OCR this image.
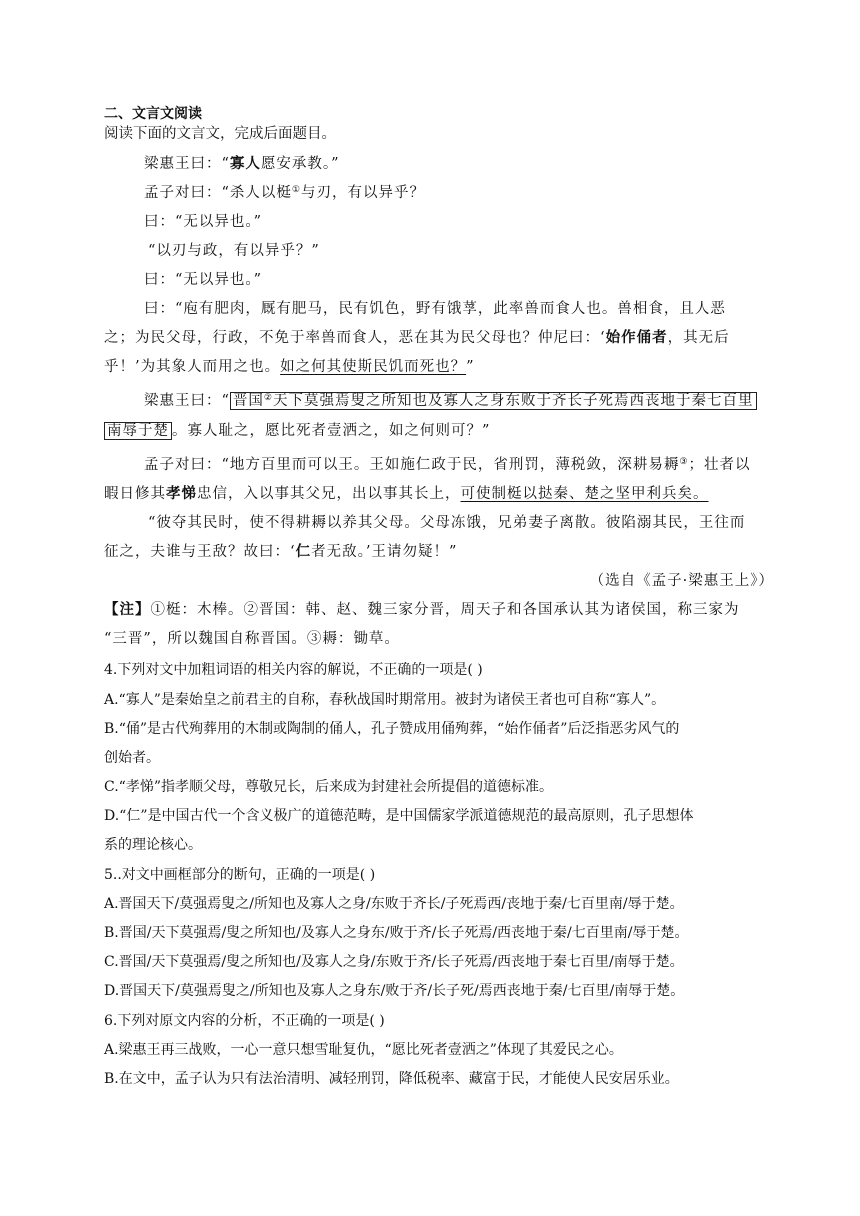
二、文言文阅读
阅读下面的文言文，完成后面题目。
梁惠王曰：“寡人愿安承教。”
孟子对曰：“杀人以梃①与刃，有以异乎？
曰：“无以异也。”
“以刃与政，有以异乎？”
曰：“无以异也。”
曰：“庖有肥肉，厩有肥马，民有饥色，野有饿莩，此率兽而食人也。兽相食，且人恶
之；为民父母，行政，不免于率兽而食人，恶在其为民父母也？仲尼曰：‘始作俑者，其无后
乎！’为其象人而用之也。如之何其使斯民饥而死也？”
梁惠王曰：“ 晋国②天下莫强焉叟之所知也及寡人之身东败于齐长子死焉西丧地于秦七百里
南辱于楚 。寡人耻之，愿比死者壹洒之，如之何则可？”
孟子对曰：“地方百里而可以王。王如施仁政于民，省刑罚，薄税敛，深耕易耨③；壮者以
暇日修其孝悌忠信，入以事其父兄，出以事其长上，可使制梃以挞秦、楚之坚甲利兵矣。
“彼夺其民时，使不得耕耨以养其父母。父母冻饿，兄弟妻子离散。彼陷溺其民，王往而
征之，夫谁与王敌？故曰：‘仁者无敌。’王请勿疑！”
（选自《孟子·梁惠王上》）
【注】①梃：木棒。②晋国：韩、赵、魏三家分晋，周天子和各国承认其为诸侯国，称三家为
“三晋”，所以魏国自称晋国。③耨：锄草。
4.下列对文中加粗词语的相关内容的解说，不正确的一项是( )
A.“寡人”是秦始皇之前君主的自称，春秋战国时期常用。被封为诸侯王者也可自称“寡人”。
B.“俑”是古代殉葬用的木制或陶制的俑人，孔子赞成用俑殉葬，“始作俑者”后泛指恶劣风气的
创始者。
C.“孝悌”指孝顺父母，尊敬兄长，后来成为封建社会所提倡的道德标准。
D.“仁”是中国古代一个含义极广的道德范畴，是中国儒家学派道德规范的最高原则，孔子思想体
系的理论核心。
5..对文中画框部分的断句，正确的一项是( )
A.晋国天下/莫强焉叟之/所知也及寡人之身/东败于齐长/子死焉西/丧地于秦/七百里南/辱于楚。
B.晋国/天下莫强焉/叟之所知也/及寡人之身东/败于齐/长子死焉/西丧地于秦/七百里南/辱于楚。
C.晋国/天下莫强焉/叟之所知也/及寡人之身/东败于齐/长子死焉/西丧地于秦七百里/南辱于楚。
D.晋国天下/莫强焉叟之/所知也及寡人之身东/败于齐/长子死/焉西丧地于秦/七百里/南辱于楚。
6.下列对原文内容的分析，不正确的一项是( )
A.梁惠王再三战败，一心一意只想雪耻复仇，“愿比死者壹洒之”体现了其爱民之心。
B.在文中，孟子认为只有法治清明、减轻刑罚，降低税率、藏富于民，才能使人民安居乐业。
